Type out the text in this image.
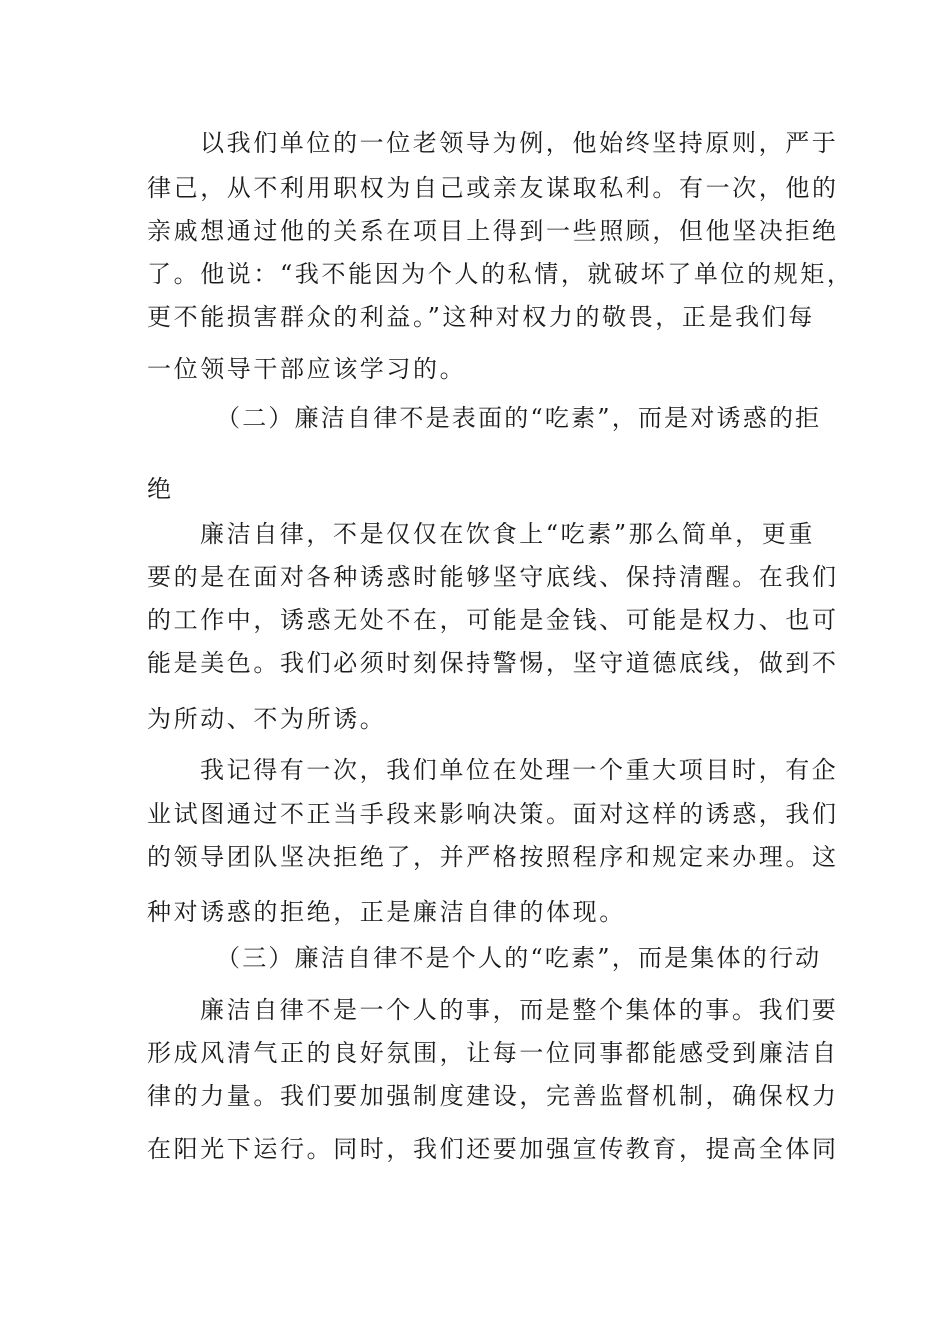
以我们单位的一位老领导为例，他始终坚持原则，严于
律己，从不利用职权为自己或亲友谋取私利。有一次，他的
亲戚想通过他的关系在项目上得到一些照顾，但他坚决拒绝
了。他说：“我不能因为个人的私情，就破坏了单位的规矩，
更不能损害群众的利益。”这种对权力的敬畏，正是我们每
一位领导干部应该学习的。
（二）廉洁自律不是表面的“吃素”，而是对诱惑的拒
绝
廉洁自律，不是仅仅在饮食上“吃素”那么简单，更重
要的是在面对各种诱惑时能够坚守底线、保持清醒。在我们
的工作中，诱惑无处不在，可能是金钱、可能是权力、也可
能是美色。我们必须时刻保持警惕，坚守道德底线，做到不
为所动、不为所诱。
我记得有一次，我们单位在处理一个重大项目时，有企
业试图通过不正当手段来影响决策。面对这样的诱惑，我们
的领导团队坚决拒绝了，并严格按照程序和规定来办理。这
种对诱惑的拒绝，正是廉洁自律的体现。
（三）廉洁自律不是个人的“吃素”，而是集体的行动
廉洁自律不是一个人的事，而是整个集体的事。我们要
形成风清气正的良好氛围，让每一位同事都能感受到廉洁自
律的力量。我们要加强制度建设，完善监督机制，确保权力
在阳光下运行。同时，我们还要加强宣传教育，提高全体同
